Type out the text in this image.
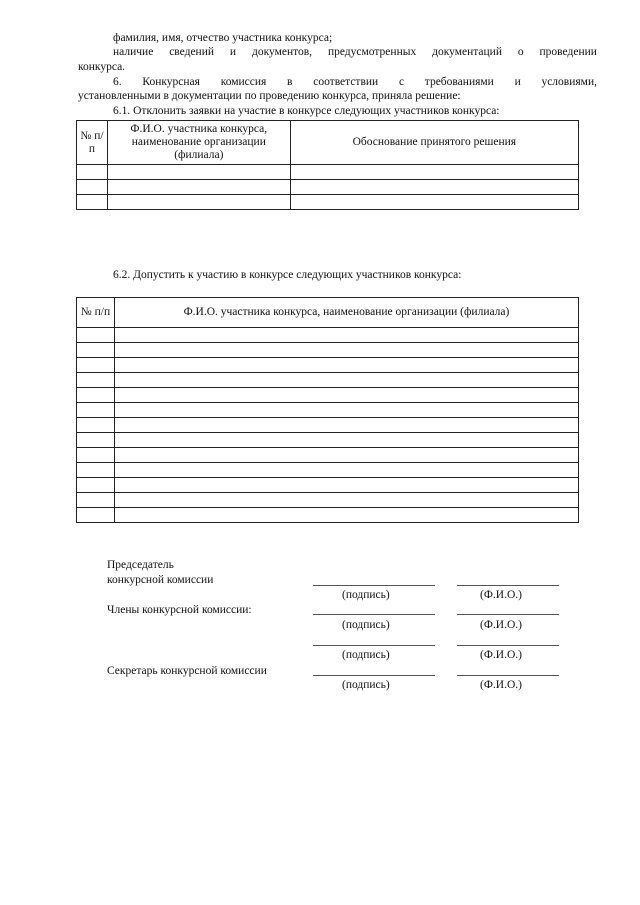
фамилия, имя, отчество участника конкурса;
наличие сведений и документов, предусмотренных документаций о проведении
конкурса.
6. Конкурсная комиссия в соответствии с требованиями и условиями,
установленными в документации по проведению конкурса, приняла решение:
6.1. Отклонить заявки на участие в конкурсе следующих участников конкурса:
№ п/п	Ф.И.О. участника конкурса, наименование организации (филиала)	Обоснование принятого решения

6.2. Допустить к участию в конкурсе следующих участников конкурса:
№ п/п	Ф.И.О. участника конкурса, наименование организации (филиала)

Председатель
конкурсной комиссии
Члены конкурсной комиссии:
Секретарь конкурсной комиссии
(подпись)	(Ф.И.О.)
(подпись)	(Ф.И.О.)
(подпись)	(Ф.И.О.)
(подпись)	(Ф.И.О.)
